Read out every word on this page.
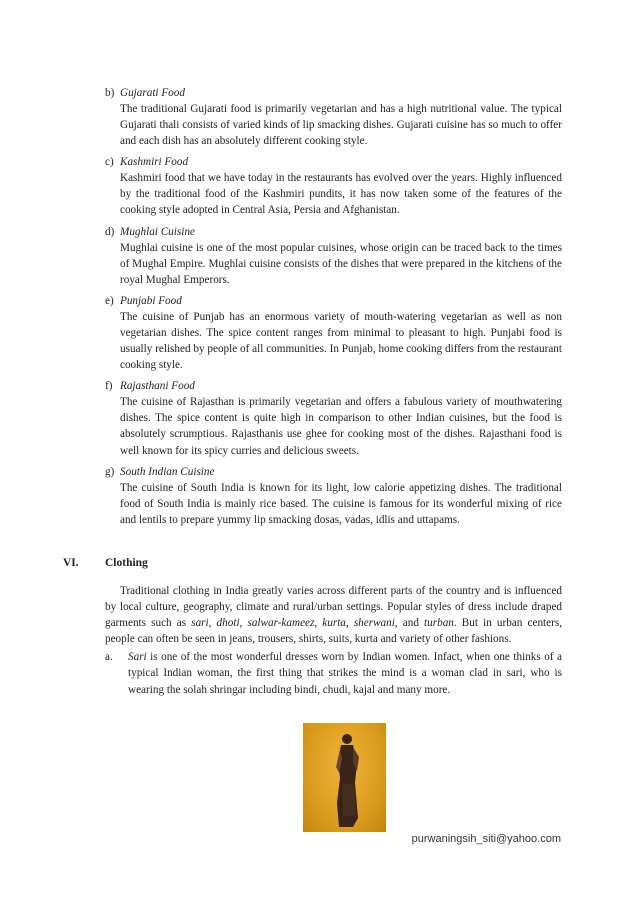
b) Gujarati Food
The traditional Gujarati food is primarily vegetarian and has a high nutritional value. The typical Gujarati thali consists of varied kinds of lip smacking dishes. Gujarati cuisine has so much to offer and each dish has an absolutely different cooking style.
c) Kashmiri Food
Kashmiri food that we have today in the restaurants has evolved over the years. Highly influenced by the traditional food of the Kashmiri pundits, it has now taken some of the features of the cooking style adopted in Central Asia, Persia and Afghanistan.
d) Mughlai Cuisine
Mughlai cuisine is one of the most popular cuisines, whose origin can be traced back to the times of Mughal Empire. Mughlai cuisine consists of the dishes that were prepared in the kitchens of the royal Mughal Emperors.
e) Punjabi Food
The cuisine of Punjab has an enormous variety of mouth-watering vegetarian as well as non vegetarian dishes. The spice content ranges from minimal to pleasant to high. Punjabi food is usually relished by people of all communities. In Punjab, home cooking differs from the restaurant cooking style.
f) Rajasthani Food
The cuisine of Rajasthan is primarily vegetarian and offers a fabulous variety of mouthwatering dishes. The spice content is quite high in comparison to other Indian cuisines, but the food is absolutely scrumptious. Rajasthanis use ghee for cooking most of the dishes. Rajasthani food is well known for its spicy curries and delicious sweets.
g) South Indian Cuisine
The cuisine of South India is known for its light, low calorie appetizing dishes. The traditional food of South India is mainly rice based. The cuisine is famous for its wonderful mixing of rice and lentils to prepare yummy lip smacking dosas, vadas, idlis and uttapams.
VI. Clothing

Traditional clothing in India greatly varies across different parts of the country and is influenced by local culture, geography, climate and rural/urban settings. Popular styles of dress include draped garments such as sari, dhoti, salwar-kameez, kurta, sherwani, and turban. But in urban centers, people can often be seen in jeans, trousers, shirts, suits, kurta and variety of other fashions.

a.	Sari is one of the most wonderful dresses worn by Indian women. Infact, when one thinks of a typical Indian woman, the first thing that strikes the mind is a woman clad in sari, who is wearing the solah shringar including bindi, chudi, kajal and many more.
purwaningsih_siti@yahoo.com
